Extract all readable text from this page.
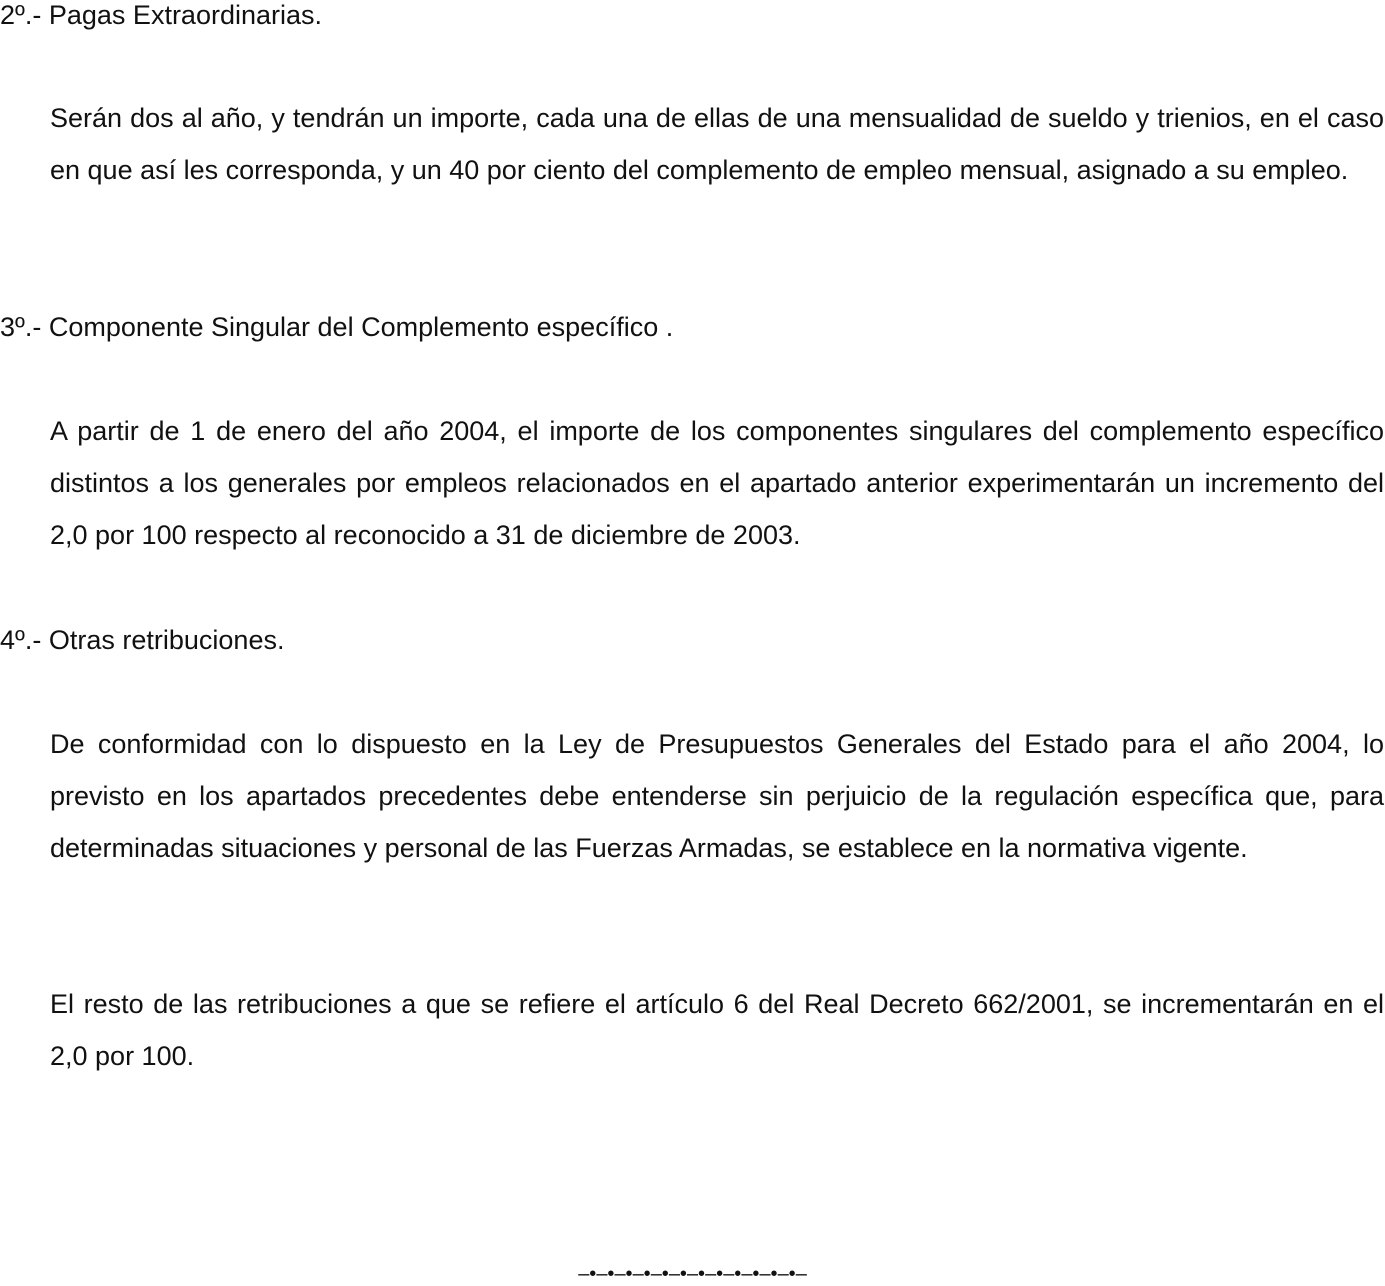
2º.- Pagas Extraordinarias.
Serán dos al año, y tendrán un importe, cada una de ellas de una mensualidad de sueldo y trienios, en el caso en que así les corresponda, y un 40 por ciento del complemento de empleo mensual, asignado a su empleo.
3º.- Componente Singular del Complemento específico .
A partir de 1 de enero del año 2004, el importe de los componentes singulares del complemento específico distintos a los generales por empleos relacionados en el apartado anterior experimentarán un incremento del 2,0 por 100 respecto al reconocido a 31 de diciembre de 2003.
4º.- Otras retribuciones.
De conformidad con lo dispuesto en la Ley de Presupuestos Generales del Estado para el año 2004, lo previsto en los apartados precedentes debe entenderse sin perjuicio de la regulación específica que, para determinadas situaciones y personal de las Fuerzas Armadas, se establece en la normativa vigente.
El resto de las retribuciones a que se refiere el artículo 6 del Real Decreto 662/2001, se incrementarán en el 2,0 por 100.
–•–•–•–•–•–•–•–•–•–•–•–•–
